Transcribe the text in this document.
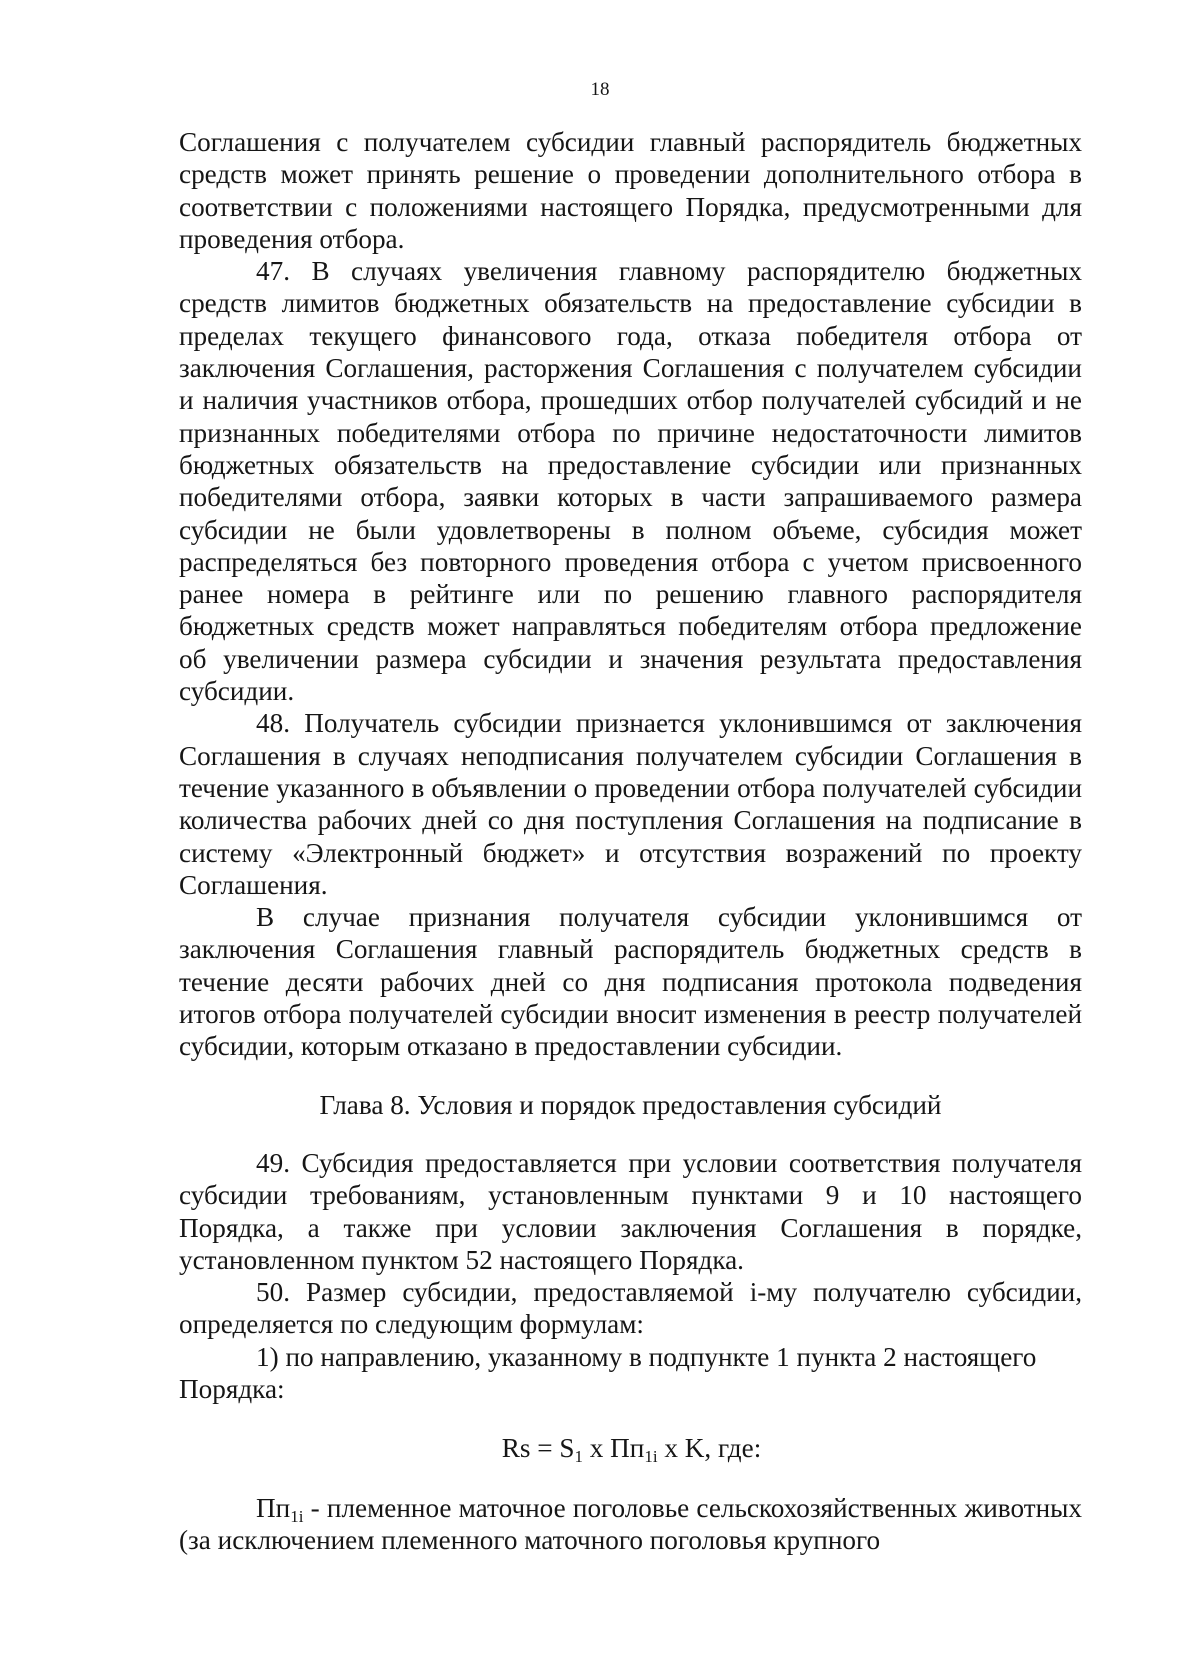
18

Соглашения с получателем субсидии главный распорядитель бюджетных средств может принять решение о проведении дополнительного отбора в соответствии с положениями настоящего Порядка, предусмотренными для проведения отбора.

47. В случаях увеличения главному распорядителю бюджетных средств лимитов бюджетных обязательств на предоставление субсидии в пределах текущего финансового года, отказа победителя отбора от заключения Соглашения, расторжения Соглашения с получателем субсидии и наличия участников отбора, прошедших отбор получателей субсидий и не признанных победителями отбора по причине недостаточности лимитов бюджетных обязательств на предоставление субсидии или признанных победителями отбора, заявки которых в части запрашиваемого размера субсидии не были удовлетворены в полном объеме, субсидия может распределяться без повторного проведения отбора с учетом присвоенного ранее номера в рейтинге или по решению главного распорядителя бюджетных средств может направляться победителям отбора предложение об увеличении размера субсидии и значения результата предоставления субсидии.

48. Получатель субсидии признается уклонившимся от заключения Соглашения в случаях неподписания получателем субсидии Соглашения в течение указанного в объявлении о проведении отбора получателей субсидии количества рабочих дней со дня поступления Соглашения на подписание в систему «Электронный бюджет» и отсутствия возражений по проекту Соглашения.

В случае признания получателя субсидии уклонившимся от заключения Соглашения главный распорядитель бюджетных средств в течение десяти рабочих дней со дня подписания протокола подведения итогов отбора получателей субсидии вносит изменения в реестр получателей субсидии, которым отказано в предоставлении субсидии.

Глава 8. Условия и порядок предоставления субсидий

49. Субсидия предоставляется при условии соответствия получателя субсидии требованиям, установленным пунктами 9 и 10 настоящего Порядка, а также при условии заключения Соглашения в порядке, установленном пунктом 52 настоящего Порядка.

50. Размер субсидии, предоставляемой i-му получателю субсидии, определяется по следующим формулам:

1) по направлению, указанному в подпункте 1 пункта 2 настоящего Порядка:

$Rs = S_1$ x $Пп_{1i}$ x K, где:

$Пп_{1i}$ - племенное маточное поголовье сельскохозяйственных животных (за исключением племенного маточного поголовья крупного
